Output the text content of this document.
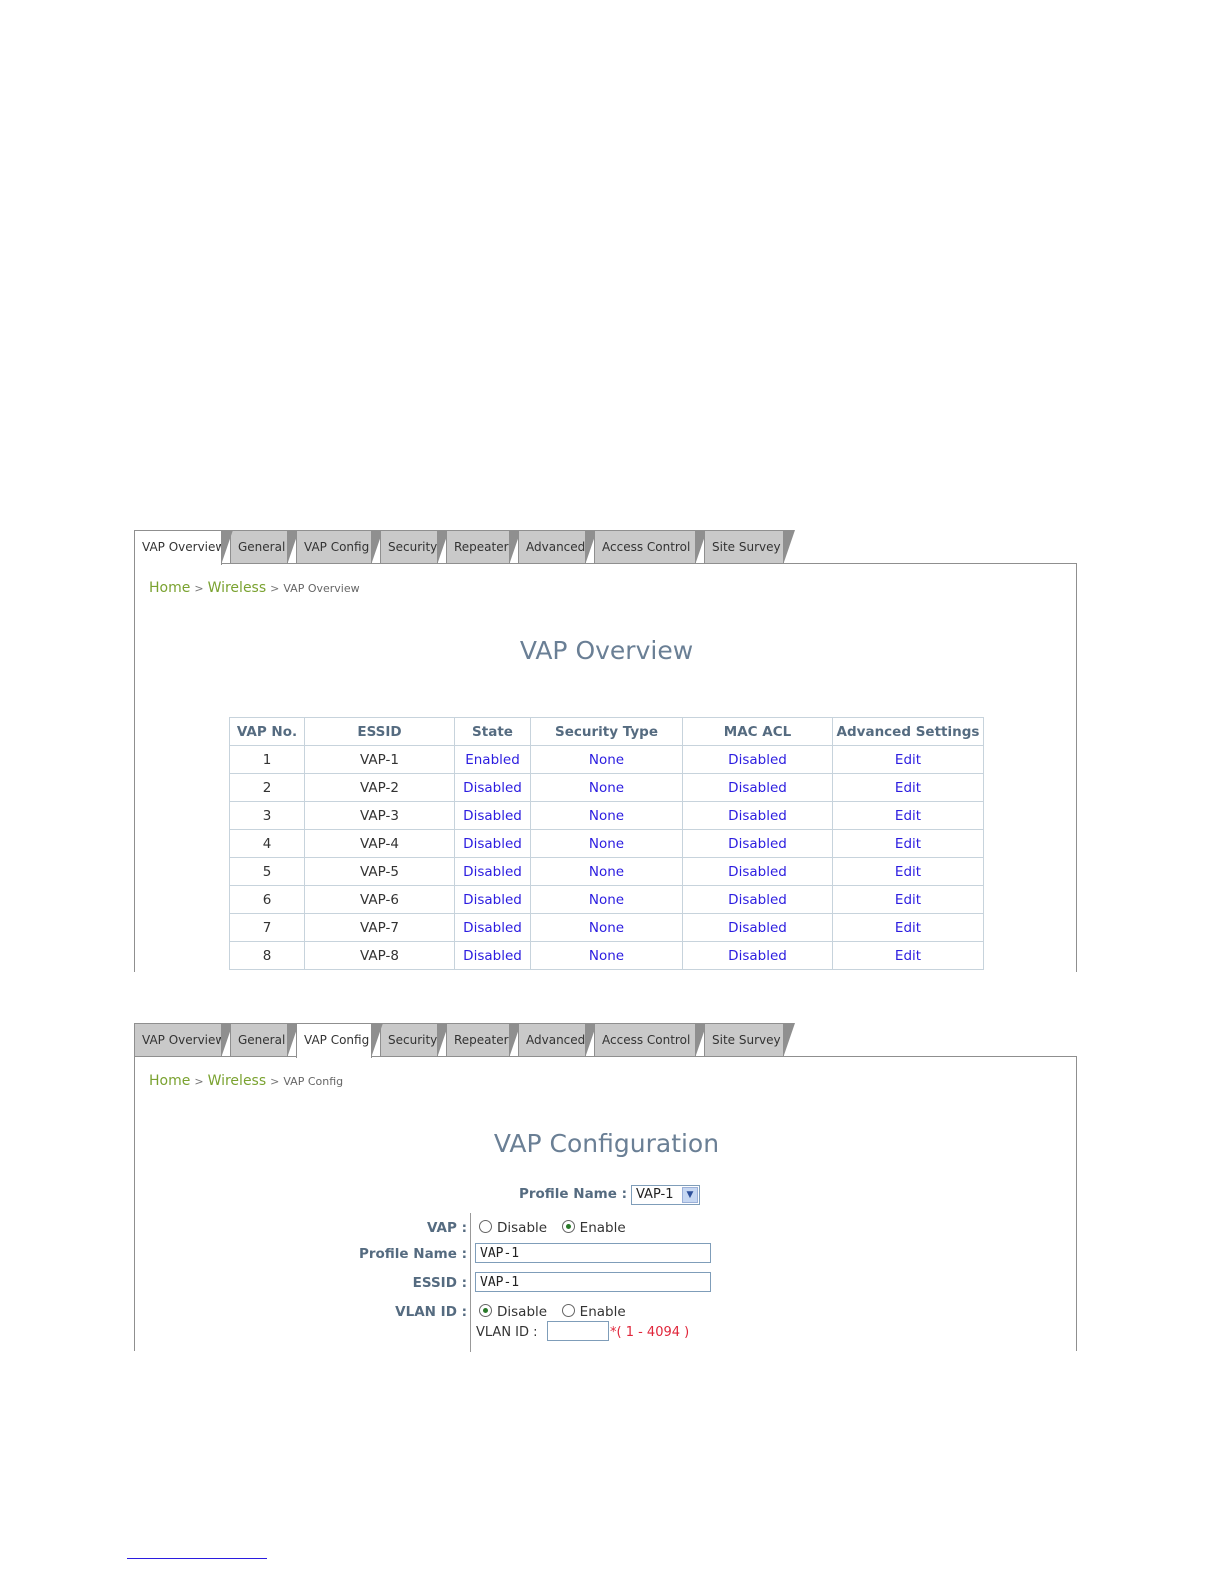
VAP Overview	General	VAP Config	Security	Repeater	Advanced	Access Control	Site Survey
Home > Wireless > VAP Overview
VAP Overview
VAP No.	ESSID	State	Security Type	MAC ACL	Advanced Settings
1	VAP-1	Enabled	None	Disabled	Edit
2	VAP-2	Disabled	None	Disabled	Edit
3	VAP-3	Disabled	None	Disabled	Edit
4	VAP-4	Disabled	None	Disabled	Edit
5	VAP-5	Disabled	None	Disabled	Edit
6	VAP-6	Disabled	None	Disabled	Edit
7	VAP-7	Disabled	None	Disabled	Edit
8	VAP-8	Disabled	None	Disabled	Edit
VAP Overview	General	VAP Config	Security	Repeater	Advanced	Access Control	Site Survey
Home > Wireless > VAP Config
VAP Configuration
Profile Name : VAP-1	▼
VAP :	Disable Enable
Profile Name :	VAP-1
ESSID :	VAP-1
VLAN ID :	Disable Enable
VLAN ID :	*( 1 - 4094 )
